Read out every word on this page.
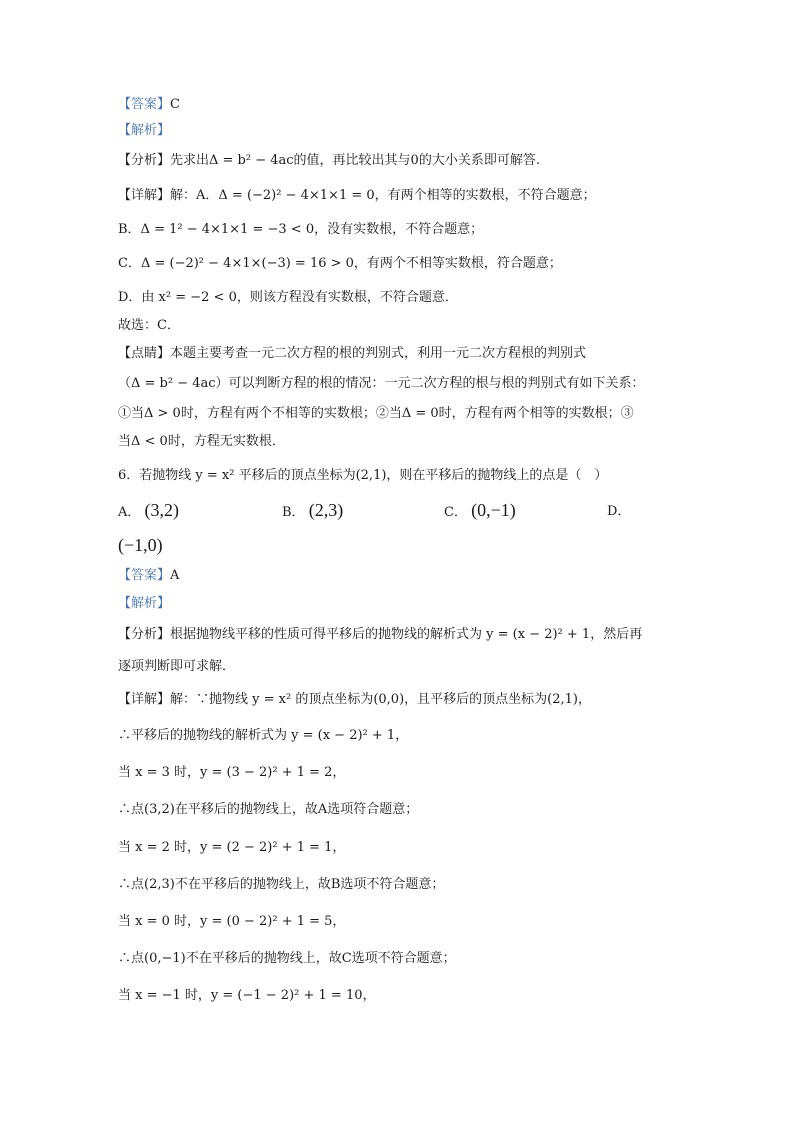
【答案】C
【解析】
【分析】先求出Δ = b² − 4ac的值，再比较出其与0的大小关系即可解答.
【详解】解：A．Δ = (−2)² − 4×1×1 = 0，有两个相等的实数根，不符合题意；
B．Δ = 1² − 4×1×1 = −3 < 0，没有实数根，不符合题意；
C．Δ = (−2)² − 4×1×(−3) = 16 > 0，有两个不相等实数根，符合题意；
D．由 x² = −2 < 0，则该方程没有实数根，不符合题意．
故选：C．
【点睛】本题主要考查一元二次方程的根的判别式，利用一元二次方程根的判别式
（Δ = b² − 4ac）可以判断方程的根的情况：一元二次方程的根与根的判别式有如下关系：
①当Δ > 0时，方程有两个不相等的实数根；②当Δ = 0时，方程有两个相等的实数根；③
当Δ < 0时，方程无实数根．
6．若抛物线 y = x² 平移后的顶点坐标为(2,1)，则在平移后的抛物线上的点是（　）
A． (3,2)	B． (2,3)	C． (0,−1)	D．
(−1,0)
【答案】A
【解析】
【分析】根据抛物线平移的性质可得平移后的抛物线的解析式为 y = (x − 2)² + 1，然后再
逐项判断即可求解．
【详解】解：∵抛物线 y = x² 的顶点坐标为(0,0)，且平移后的顶点坐标为(2,1)，
∴平移后的抛物线的解析式为 y = (x − 2)² + 1，
当 x = 3 时，y = (3 − 2)² + 1 = 2，
∴点(3,2)在平移后的抛物线上，故A选项符合题意；
当 x = 2 时，y = (2 − 2)² + 1 = 1，
∴点(2,3)不在平移后的抛物线上，故B选项不符合题意；
当 x = 0 时，y = (0 − 2)² + 1 = 5，
∴点(0,−1)不在平移后的抛物线上，故C选项不符合题意；
当 x = −1 时，y = (−1 − 2)² + 1 = 10，
